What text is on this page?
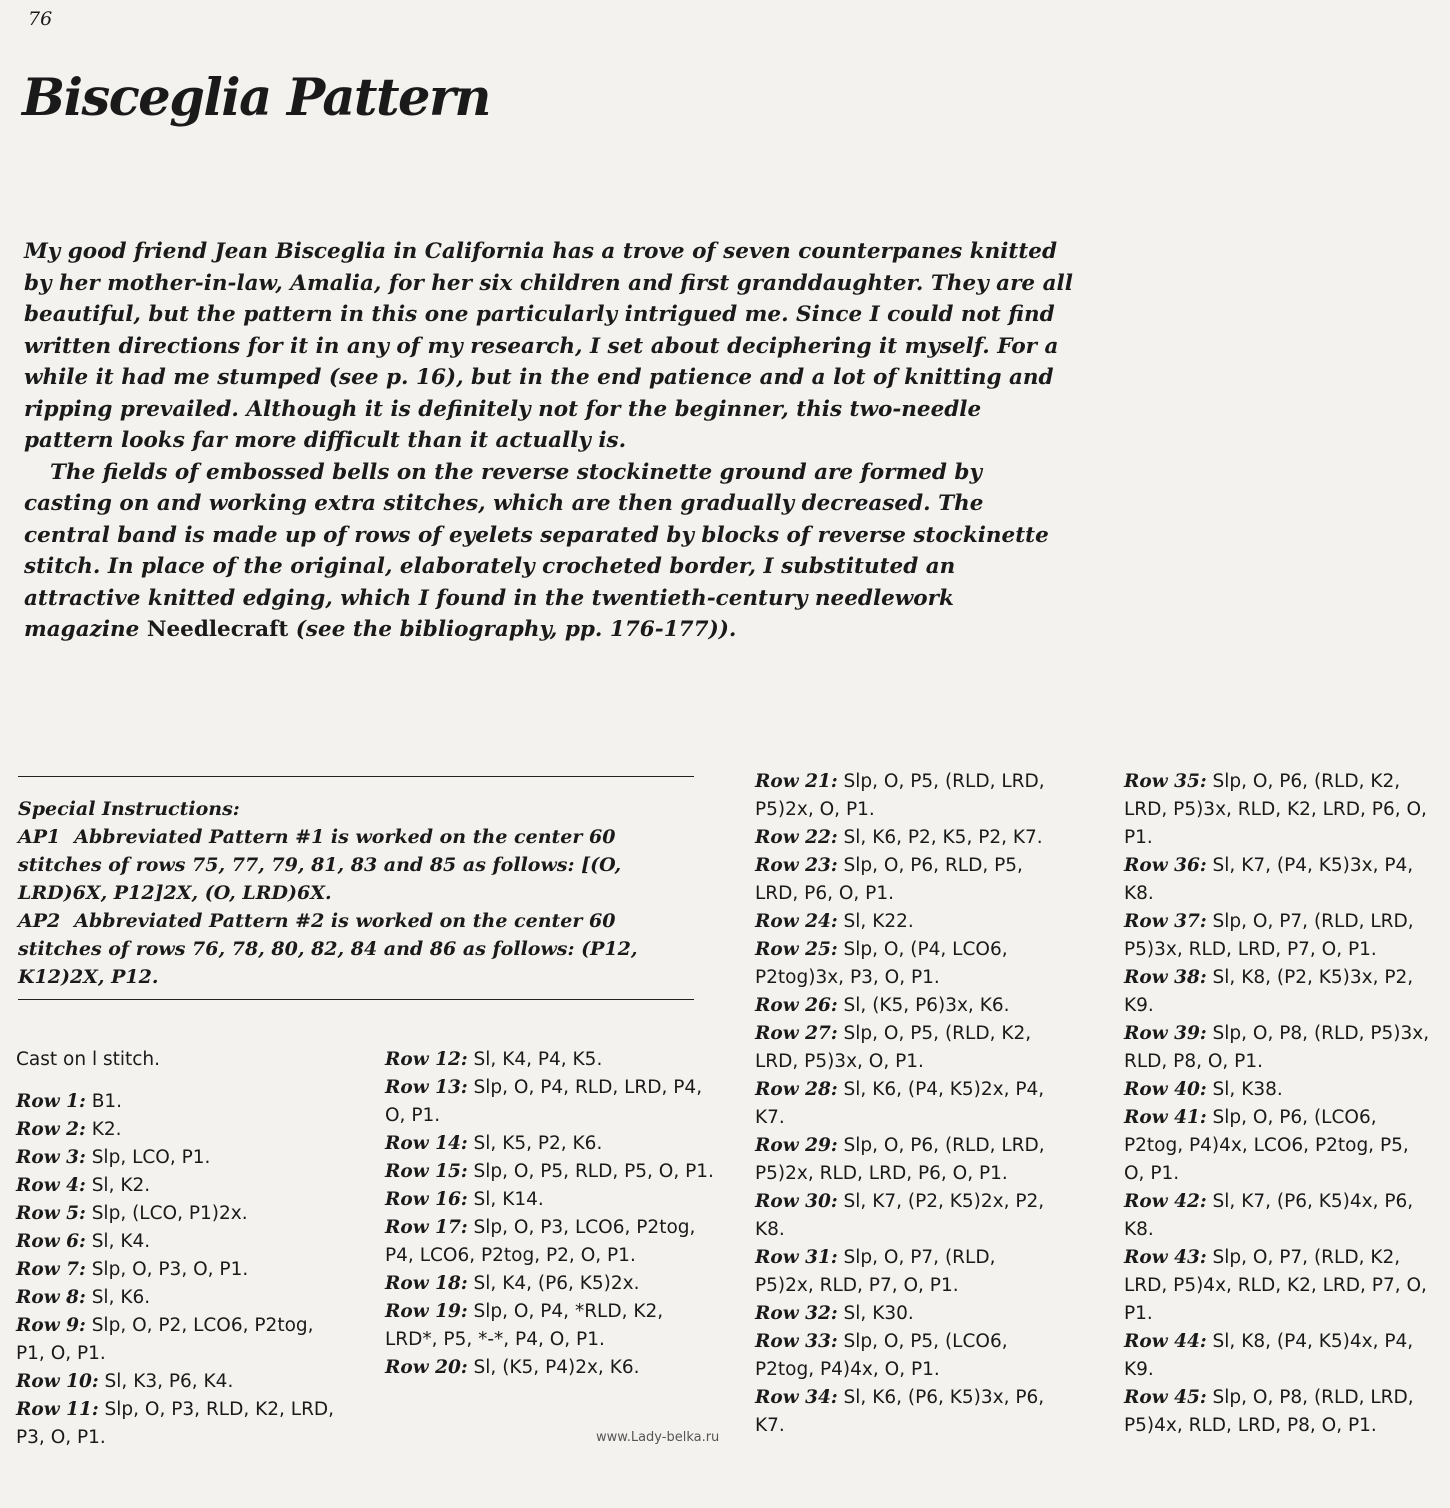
76
Bisceglia Pattern

My good friend Jean Bisceglia in California has a trove of seven counterpanes knitted by her mother-in-law, Amalia, for her six children and first granddaughter. They are all beautiful, but the pattern in this one particularly intrigued me. Since I could not find written directions for it in any of my research, I set about deciphering it myself. For a while it had me stumped (see p. 16), but in the end patience and a lot of knitting and ripping prevailed. Although it is definitely not for the beginner, this two-needle pattern looks far more difficult than it actually is.

The fields of embossed bells on the reverse stockinette ground are formed by casting on and working extra stitches, which are then gradually decreased. The central band is made up of rows of eyelets separated by blocks of reverse stockinette stitch. In place of the original, elaborately crocheted border, I substituted an attractive knitted edging, which I found in the twentieth-century needlework magazine Needlecraft (see the bibliography, pp. 176-177)).

Special Instructions:
AP1 Abbreviated Pattern #1 is worked on the center 60 stitches of rows 75, 77, 79, 81, 83 and 85 as follows: [(O, LRD)6X, P12]2X, (O, LRD)6X.
AP2 Abbreviated Pattern #2 is worked on the center 60 stitches of rows 76, 78, 80, 82, 84 and 86 as follows: (P12, K12)2X, P12.
Cast on l stitch.
Row 1: B1.
Row 2: K2.
Row 3: Slp, LCO, P1.
Row 4: Sl, K2.
Row 5: Slp, (LCO, P1)2x.
Row 6: Sl, K4.
Row 7: Slp, O, P3, O, P1.
Row 8: Sl, K6.
Row 9: Slp, O, P2, LCO6, P2tog, P1, O, P1.
Row 10: Sl, K3, P6, K4.
Row 11: Slp, O, P3, RLD, K2, LRD, P3, O, P1.
Row 12: Sl, K4, P4, K5.
Row 13: Slp, O, P4, RLD, LRD, P4, O, P1.
Row 14: Sl, K5, P2, K6.
Row 15: Slp, O, P5, RLD, P5, O, P1.
Row 16: Sl, K14.
Row 17: Slp, O, P3, LCO6, P2tog, P4, LCO6, P2tog, P2, O, P1.
Row 18: Sl, K4, (P6, K5)2x.
Row 19: Slp, O, P4, *RLD, K2, LRD*, P5, *-*, P4, O, P1.
Row 20: Sl, (K5, P4)2x, K6.
Row 21: Slp, O, P5, (RLD, LRD, P5)2x, O, P1.
Row 22: Sl, K6, P2, K5, P2, K7.
Row 23: Slp, O, P6, RLD, P5, LRD, P6, O, P1.
Row 24: Sl, K22.
Row 25: Slp, O, (P4, LCO6, P2tog)3x, P3, O, P1.
Row 26: Sl, (K5, P6)3x, K6.
Row 27: Slp, O, P5, (RLD, K2, LRD, P5)3x, O, P1.
Row 28: Sl, K6, (P4, K5)2x, P4, K7.
Row 29: Slp, O, P6, (RLD, LRD, P5)2x, RLD, LRD, P6, O, P1.
Row 30: Sl, K7, (P2, K5)2x, P2, K8.
Row 31: Slp, O, P7, (RLD, P5)2x, RLD, P7, O, P1.
Row 32: Sl, K30.
Row 33: Slp, O, P5, (LCO6, P2tog, P4)4x, O, P1.
Row 34: Sl, K6, (P6, K5)3x, P6, K7.
Row 35: Slp, O, P6, (RLD, K2, LRD, P5)3x, RLD, K2, LRD, P6, O, P1.
Row 36: Sl, K7, (P4, K5)3x, P4, K8.
Row 37: Slp, O, P7, (RLD, LRD, P5)3x, RLD, LRD, P7, O, P1.
Row 38: Sl, K8, (P2, K5)3x, P2, K9.
Row 39: Slp, O, P8, (RLD, P5)3x, RLD, P8, O, P1.
Row 40: Sl, K38.
Row 41: Slp, O, P6, (LCO6, P2tog, P4)4x, LCO6, P2tog, P5, O, P1.
Row 42: Sl, K7, (P6, K5)4x, P6, K8.
Row 43: Slp, O, P7, (RLD, K2, LRD, P5)4x, RLD, K2, LRD, P7, O, P1.
Row 44: Sl, K8, (P4, K5)4x, P4, K9.
Row 45: Slp, O, P8, (RLD, LRD, P5)4x, RLD, LRD, P8, O, P1.
www.Lady-belka.ru
